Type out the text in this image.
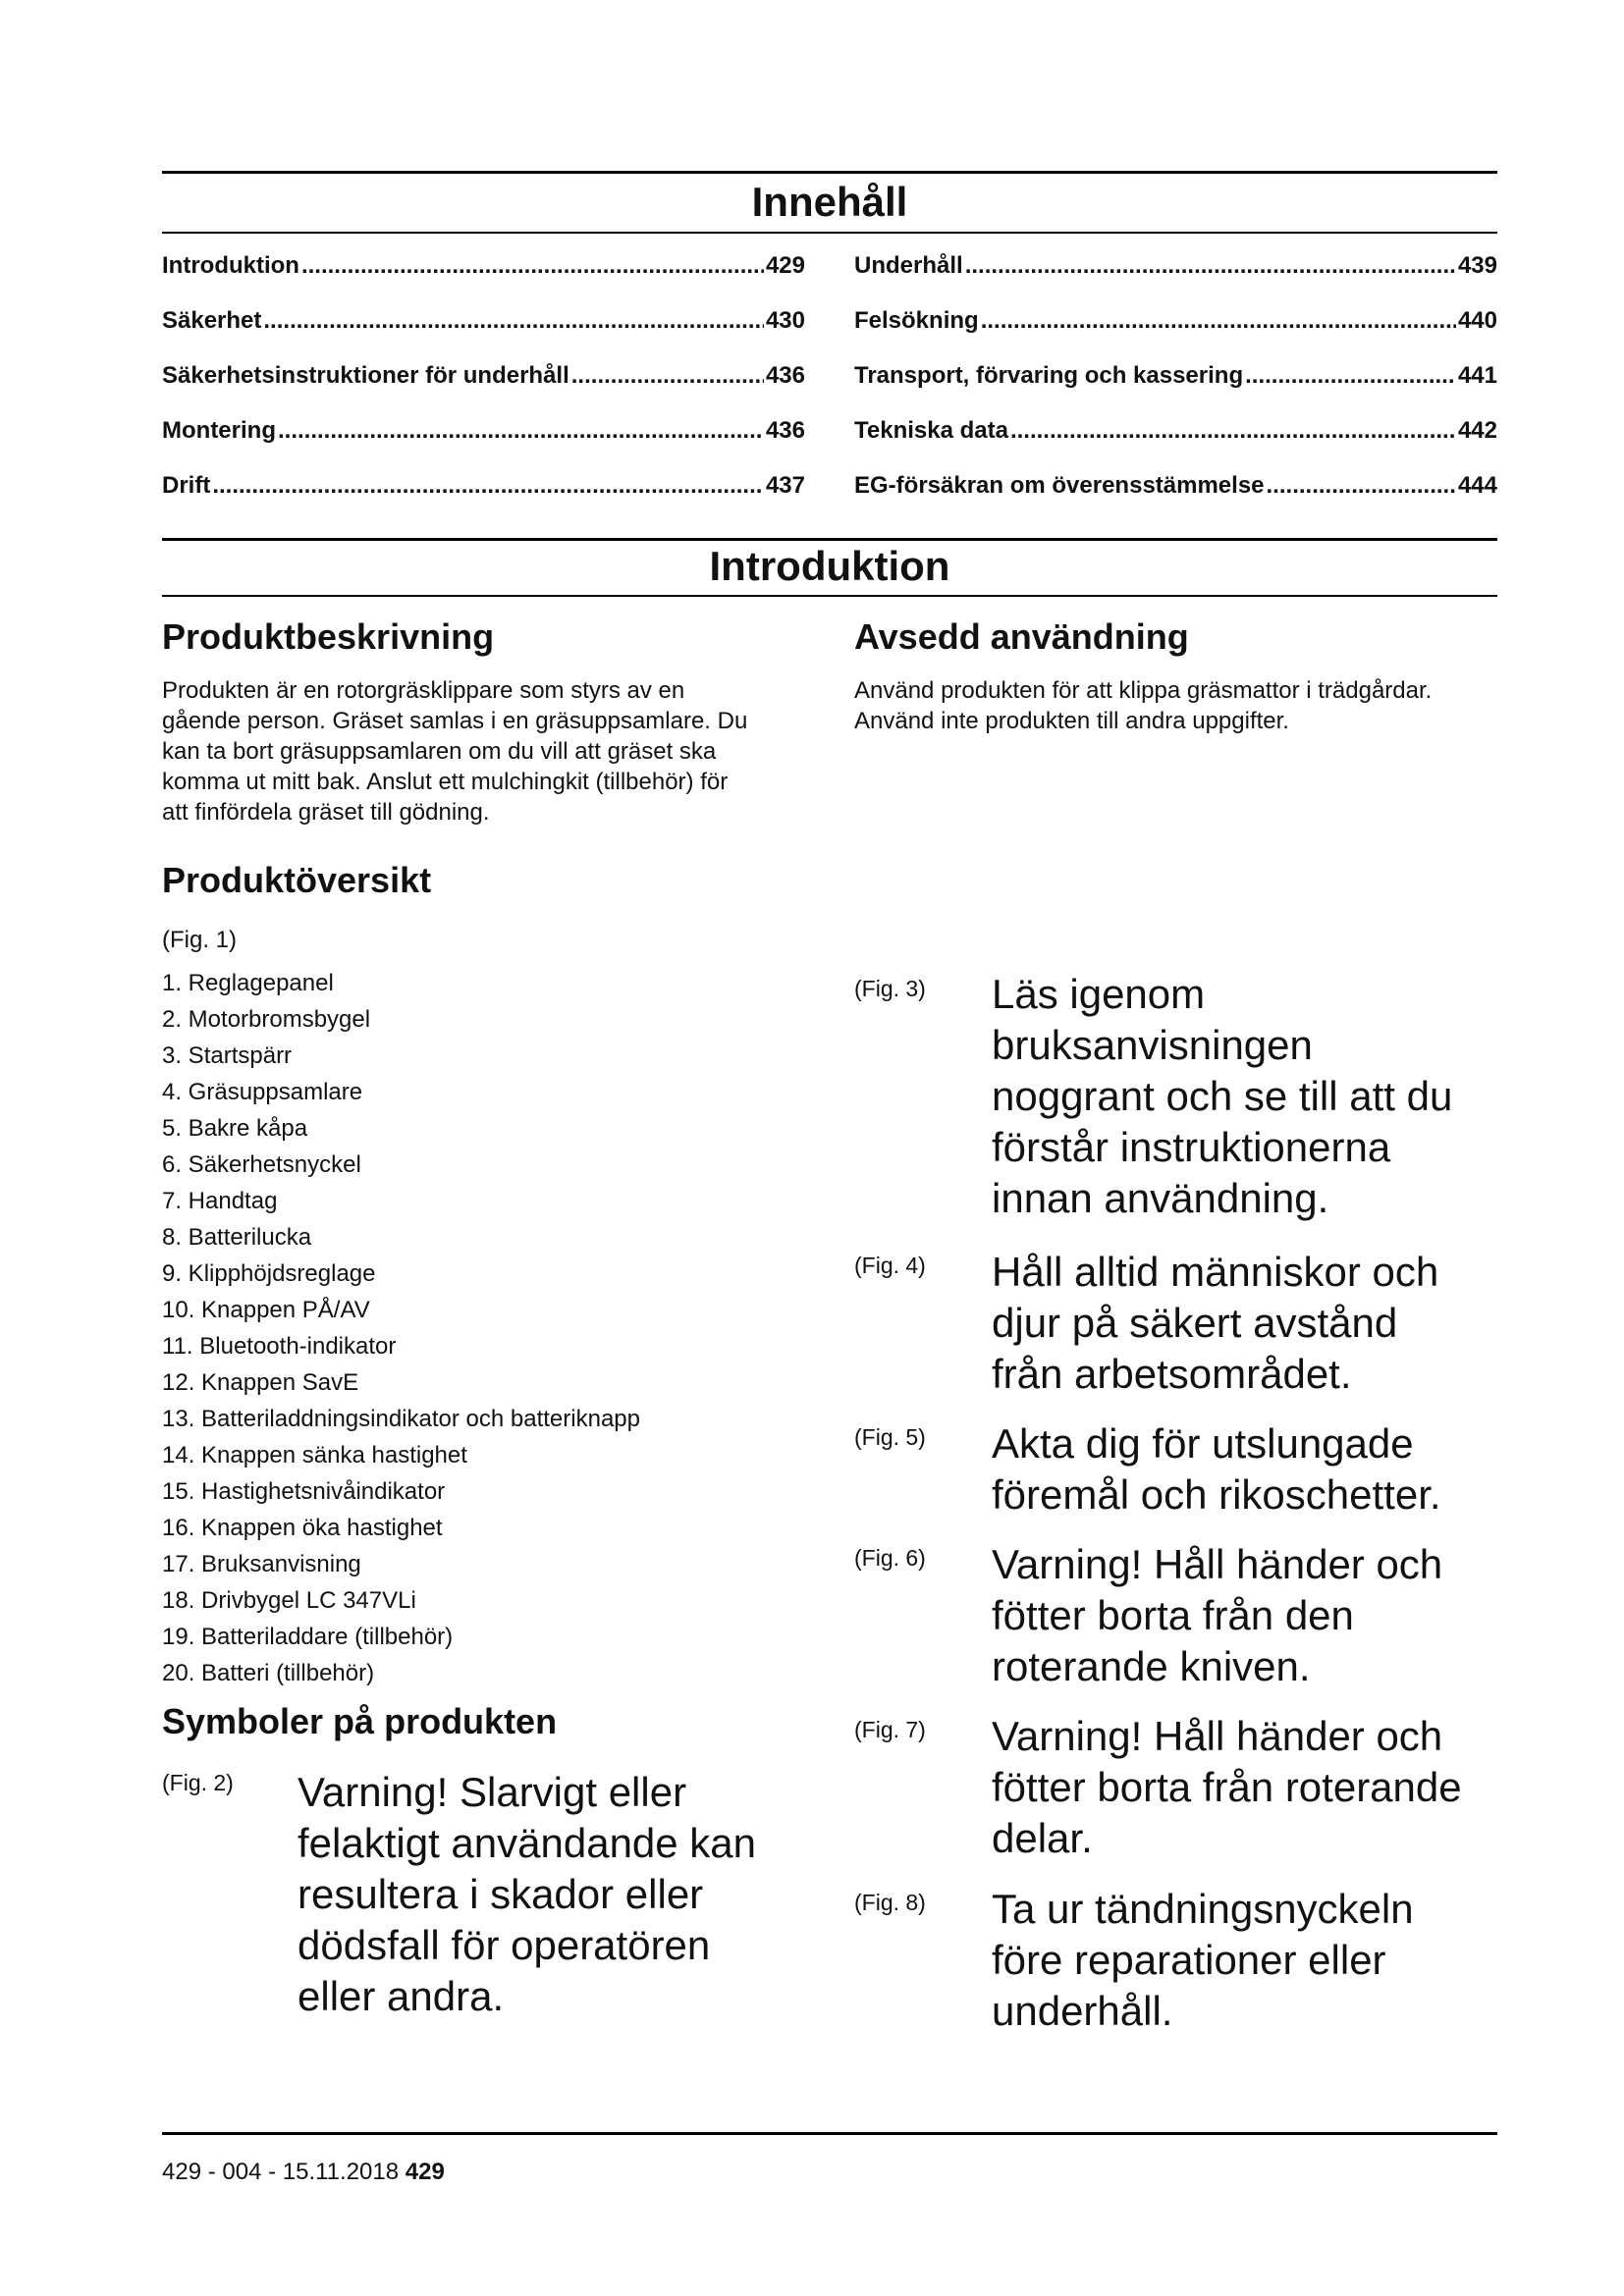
Innehåll
Introduktion .....	429
Säkerhet .....	430
Säkerhetsinstruktioner för underhåll .....	436
Montering .....	436
Drift .....	437
Underhåll .....	439
Felsökning .....	440
Transport, förvaring och kassering .....	441
Tekniska data .....	442
EG-försäkran om överensstämmelse .....	444
Introduktion
Produktbeskrivning
Produkten är en rotorgräsklippare som styrs av en
gående person. Gräset samlas i en gräsuppsamlare. Du
kan ta bort gräsuppsamlaren om du vill att gräset ska
komma ut mitt bak. Anslut ett mulchingkit (tillbehör) för
att finfördela gräset till gödning.
Avsedd användning
Använd produkten för att klippa gräsmattor i trädgårdar.
Använd inte produkten till andra uppgifter.
Produktöversikt
(Fig. 1)
1. Reglagepanel
2. Motorbromsbygel
3. Startspärr
4. Gräsuppsamlare
5. Bakre kåpa
6. Säkerhetsnyckel
7. Handtag
8. Batterilucka
9. Klipphöjdsreglage
10. Knappen PÅ/AV
11. Bluetooth-indikator
12. Knappen SavE
13. Batteriladdningsindikator och batteriknapp
14. Knappen sänka hastighet
15. Hastighetsnivåindikator
16. Knappen öka hastighet
17. Bruksanvisning
18. Drivbygel LC 347VLi
19. Batteriladdare (tillbehör)
20. Batteri (tillbehör)
Symboler på produkten
(Fig. 2) Varning! Slarvigt eller
felaktigt användande kan
resultera i skador eller
dödsfall för operatören
eller andra.
(Fig. 3) Läs igenom
bruksanvisningen
noggrant och se till att du
förstår instruktionerna
innan användning.
(Fig. 4) Håll alltid människor och
djur på säkert avstånd
från arbetsområdet.
(Fig. 5) Akta dig för utslungade
föremål och rikoschetter.
(Fig. 6) Varning! Håll händer och
fötter borta från den
roterande kniven.
(Fig. 7) Varning! Håll händer och
fötter borta från roterande
delar.
(Fig. 8) Ta ur tändningsnyckeln
före reparationer eller
underhåll.
429 - 004 - 15.11.2018 429
